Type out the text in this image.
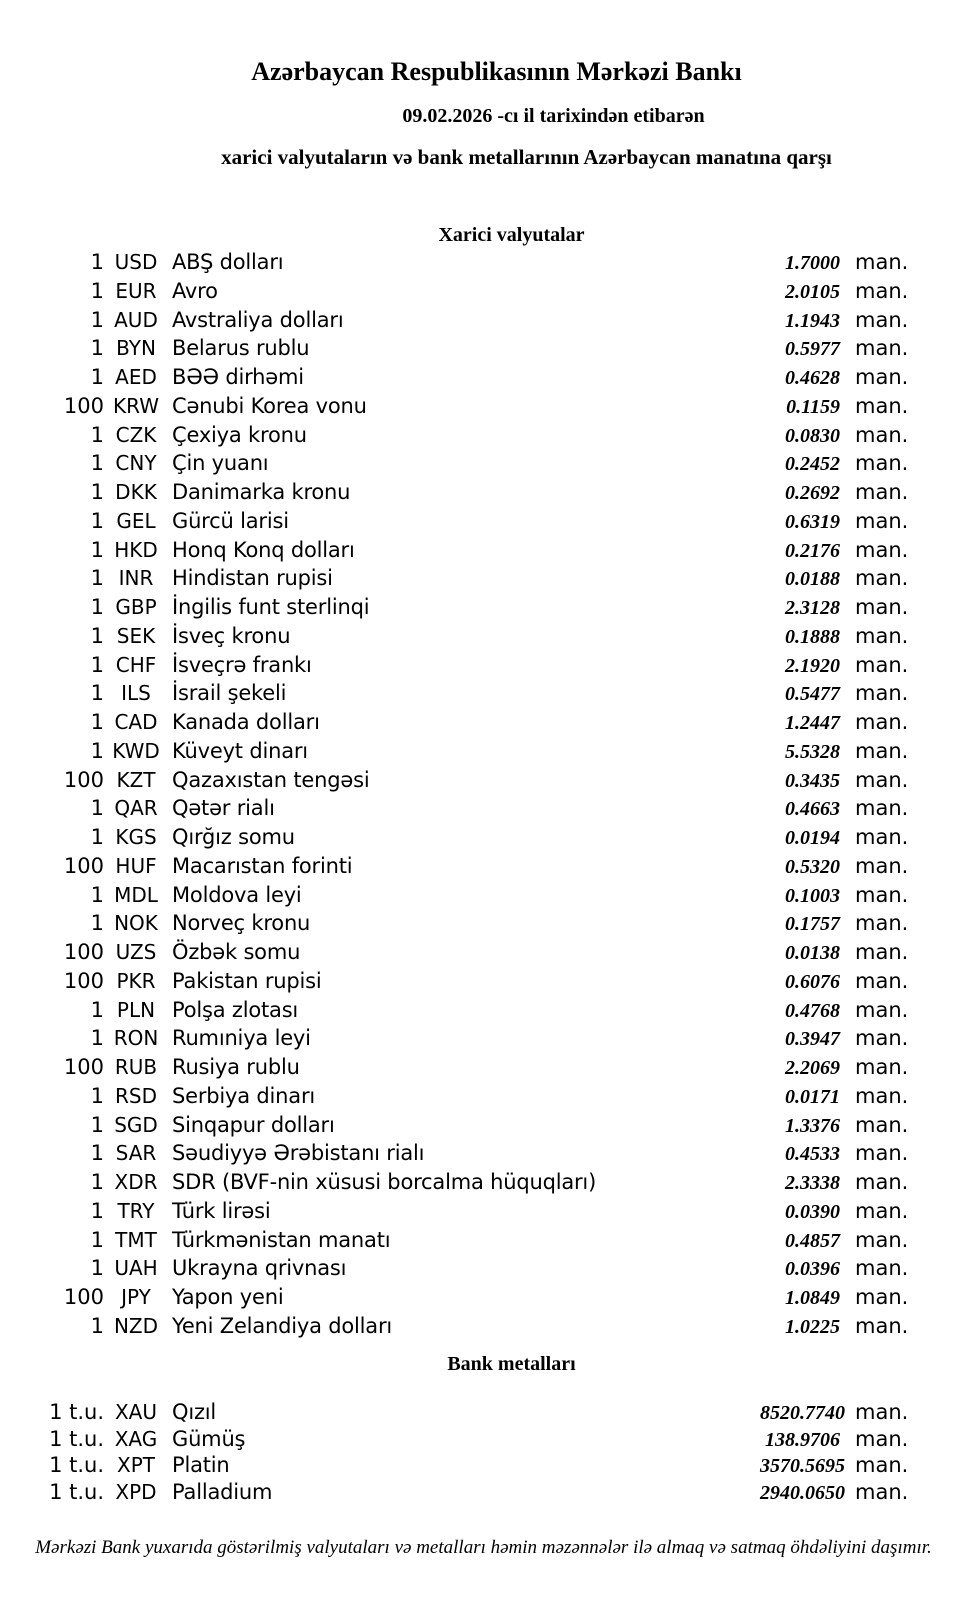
Azərbaycan Respublikasının Mərkəzi Bankı
09.02.2026 -cı il tarixindən etibarən
xarici valyutaların və bank metallarının Azərbaycan manatına qarşı
Xarici valyutalar
1 USD ABŞ dolları	1.7000 man.
1 EUR Avro	2.0105 man.
1 AUD Avstraliya dolları	1.1943 man.
1 BYN Belarus rublu	0.5977 man.
1 AED BƏƏ dirhəmi	0.4628 man.
100 KRW Cənubi Korea vonu	0.1159 man.
1 CZK Çexiya kronu	0.0830 man.
1 CNY Çin yuanı	0.2452 man.
1 DKK Danimarka kronu	0.2692 man.
1 GEL Gürcü larisi	0.6319 man.
1 HKD Honq Konq dolları	0.2176 man.
1 INR Hindistan rupisi	0.0188 man.
1 GBP İngilis funt sterlinqi	2.3128 man.
1 SEK İsveç kronu	0.1888 man.
1 CHF İsveçrə frankı	2.1920 man.
1 ILS	İsrail şekeli	0.5477 man.
1 CAD Kanada dolları	1.2447 man.
1 KWD Küveyt dinarı	5.5328 man.
100 KZT Qazaxıstan tengəsi	0.3435 man.
1 QAR Qətər rialı	0.4663 man.
1 KGS Qırğız somu	0.0194 man.
100 HUF Macarıstan forinti	0.5320 man.
1 MDL Moldova leyi	0.1003 man.
1 NOK Norveç kronu	0.1757 man.
100 UZS Özbək somu	0.0138 man.
100 PKR Pakistan rupisi	0.6076 man.
1 PLN Polşa zlotası	0.4768 man.
1 RON Rumıniya leyi	0.3947 man.
100 RUB Rusiya rublu	2.2069 man.
1 RSD Serbiya dinarı	0.0171 man.
1 SGD Sinqapur dolları	1.3376 man.
1 SAR Səudiyyə Ərəbistanı rialı	0.4533 man.
1 XDR SDR (BVF-nin xüsusi borcalma hüquqları)	2.3338 man.
1 TRY Türk lirəsi	0.0390 man.
1 TMT Türkmənistan manatı	0.4857 man.
1 UAH Ukrayna qrivnası	0.0396 man.
100 JPY	Yapon yeni	1.0849 man.
1 NZD Yeni Zelandiya dolları	1.0225 man.
Bank metalları
1 t.u. XAU Qızıl	8520.7740 man.
1 t.u. XAG Gümüş	138.9706 man.
1 t.u. XPT Platin	3570.5695 man.
1 t.u. XPD Palladium	2940.0650 man.
Mərkəzi Bank yuxarıda göstərilmiş valyutaları və metalları həmin məzənnələr ilə almaq və satmaq öhdəliyini daşımır.
